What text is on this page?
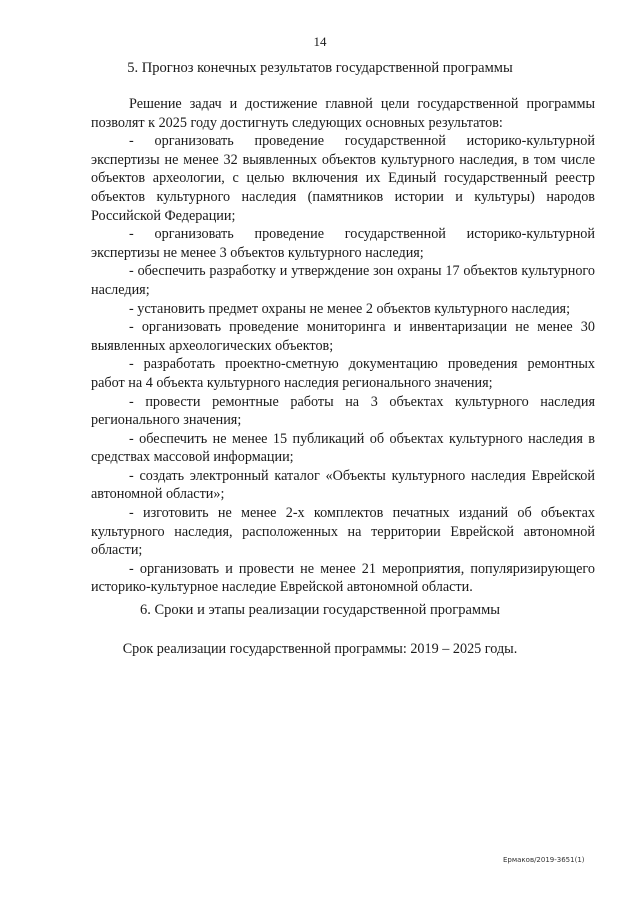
14
5. Прогноз конечных результатов государственной программы

Решение задач и достижение главной цели государственной программы позволят к 2025 году достигнуть следующих основных результатов:

- организовать проведение государственной историко-культурной экспертизы не менее 32 выявленных объектов культурного наследия, в том числе объектов археологии, с целью включения их Единый государственный реестр объектов культурного наследия (памятников истории и культуры) народов Российской Федерации;

- организовать проведение государственной историко-культурной экспертизы не менее 3 объектов культурного наследия;

- обеспечить разработку и утверждение зон охраны 17 объектов культурного наследия;

- установить предмет охраны не менее 2 объектов культурного наследия;

- организовать проведение мониторинга и инвентаризации не менее 30 выявленных археологических объектов;

- разработать проектно-сметную документацию проведения ремонтных работ на 4 объекта культурного наследия регионального значения;

- провести ремонтные работы на 3 объектах культурного наследия регионального значения;

- обеспечить не менее 15 публикаций об объектах культурного наследия в средствах массовой информации;

- создать электронный каталог «Объекты культурного наследия Еврейской автономной области»;

- изготовить не менее 2-х комплектов печатных изданий об объектах культурного наследия, расположенных на территории Еврейской автономной области;

- организовать и провести не менее 21 мероприятия, популяризирующего историко-культурное наследие Еврейской автономной области.

6. Сроки и этапы реализации государственной программы
Срок реализации государственной программы: 2019 – 2025 годы.
Ермаков/2019-3651(1)
